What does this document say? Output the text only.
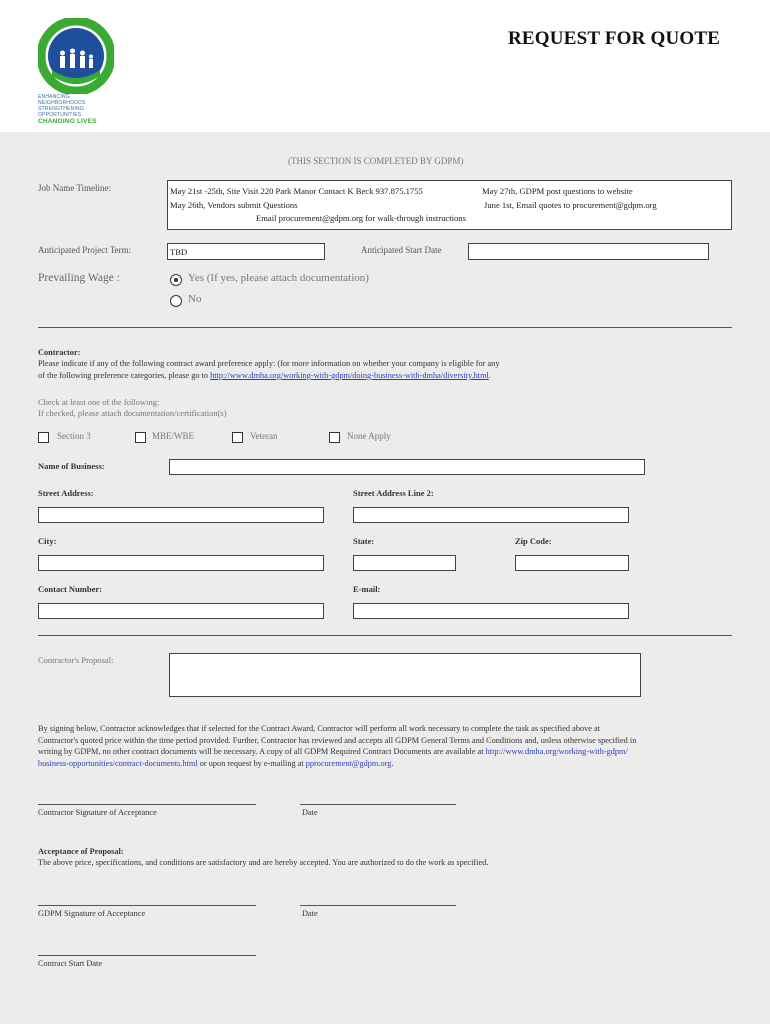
ENHANCING NEIGHBORHOODS
STRENGTHENING OPPORTUNITIES
CHANGING LIVES
REQUEST FOR QUOTE
(THIS SECTION IS COMPLETED BY GDPM)
Job Name Timeline:	May 21st -25th, Site Visit 220 Park Manor Contact K Beck 937.875.1755	May 27th, GDPM post questions to website
May 26th, Vendors submit Questions	June 1st, Email quotes to procurement@gdpm.org
Email procurement@gdpm.org for walk-through instructions
Anticipated Project Term:	TBD	Anticipated Start Date
Prevailing Wage :	Yes (If yes, please attach documentation)
No
Contractor:
Please indicate if any of the following contract award preference apply: (for more information on whether your company is eligible for any
of the following preference categories, please go to http://www.dmha.org/working-with-gdpm/doing-business-with-dmha/diversity.html.
Check at least one of the following:
If checked, please attach documentation/certification(s)
Section 3	MBE/WBE	Veteran	None Apply
Name of Business:
Street Address:	Street Address Line 2:
City:	State:	Zip Code:
Contact Number:	E-mail:
Contractor's Proposal:
By signing below, Contractor acknowledges that if selected for the Contract Award, Contractor will perform all work necessary to complete the task as specified above at
Contractor's quoted price within the time period provided. Further, Contractor has reviewed and accepts all GDPM General Terms and Conditions and, unless otherwise specified in
writing by GDPM, no other contract documents will be necessary. A copy of all GDPM Required Contract Documents are available at http://www.dmha.org/working-with-gdpm/
business-opportunities/contract-documents.html or upon request by e-mailing at pprocurement@gdpm.org.
Contractor Signature of Acceptance	Date
Acceptance of Proposal:
The above price, specifications, and conditions are satisfactory and are hereby accepted. You are authorized to do the work as specified.
GDPM Signature of Acceptance	Date
Contract Start Date
